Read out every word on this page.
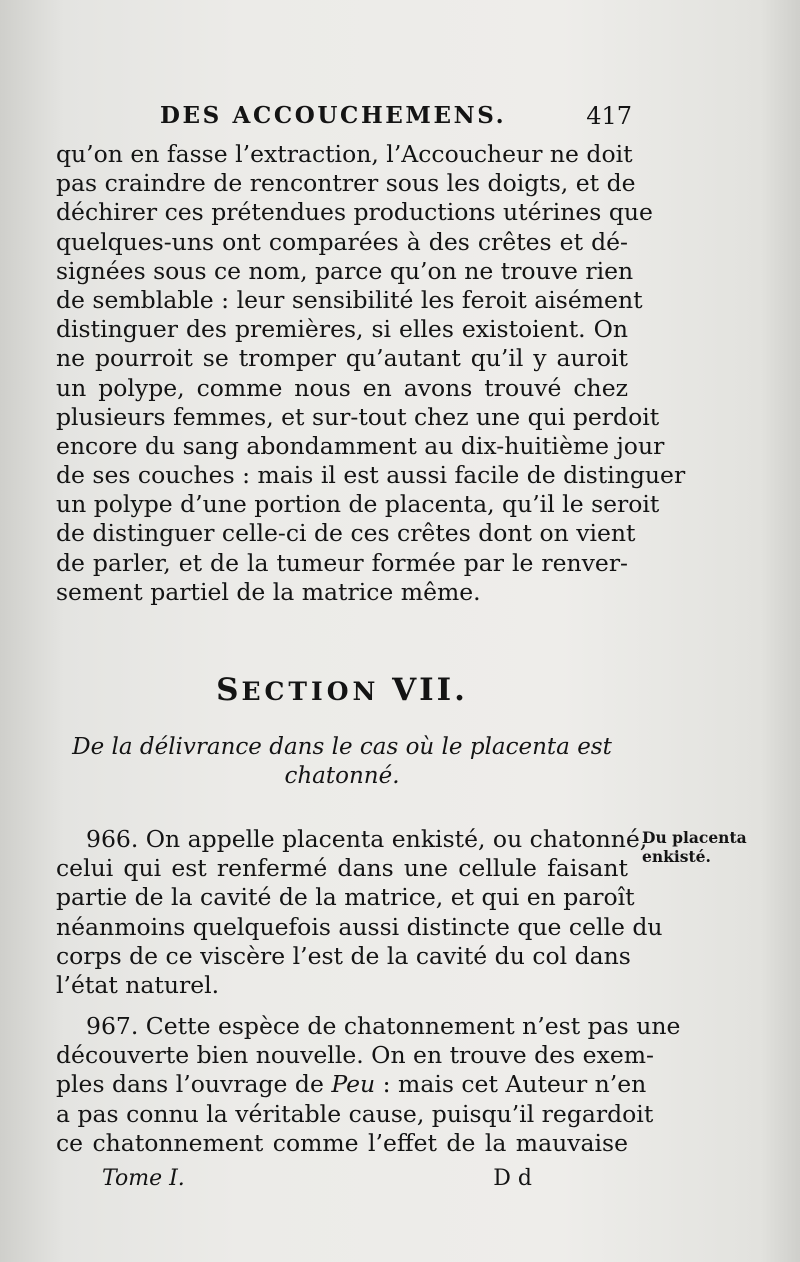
DES ACCOUCHEMENS.	417
qu’on en fasse l’extraction, l’Accoucheur ne doit
pas craindre de rencontrer sous les doigts, et de
déchirer ces prétendues productions utérines que
quelques-uns ont comparées à des crêtes et dé-
signées sous ce nom, parce qu’on ne trouve rien
de semblable : leur sensibilité les feroit aisément
distinguer des premières, si elles existoient. On
ne pourroit se tromper qu’autant qu’il y auroit
un polype, comme nous en avons trouvé chez
plusieurs femmes, et sur-tout chez une qui perdoit
encore du sang abondamment au dix-huitième jour
de ses couches : mais il est aussi facile de distinguer
un polype d’une portion de placenta, qu’il le seroit
de distinguer celle-ci de ces crêtes dont on vient
de parler, et de la tumeur formée par le renver-
sement partiel de la matrice même.
SECTION VII.
De la délivrance dans le cas où le placenta est
chatonné.
966. On appelle placenta enkisté, ou chatonné,
celui qui est renfermé dans une cellule faisant
partie de la cavité de la matrice, et qui en paroît
néanmoins quelquefois aussi distincte que celle du
corps de ce viscère l’est de la cavité du col dans
l’état naturel.
Du placenta
enkisté.
967. Cette espèce de chatonnement n’est pas une
découverte bien nouvelle. On en trouve des exem-
ples dans l’ouvrage de Peu : mais cet Auteur n’en
a pas connu la véritable cause, puisqu’il regardoit
ce chatonnement comme l’effet de la mauvaise
Tome I.	D d
